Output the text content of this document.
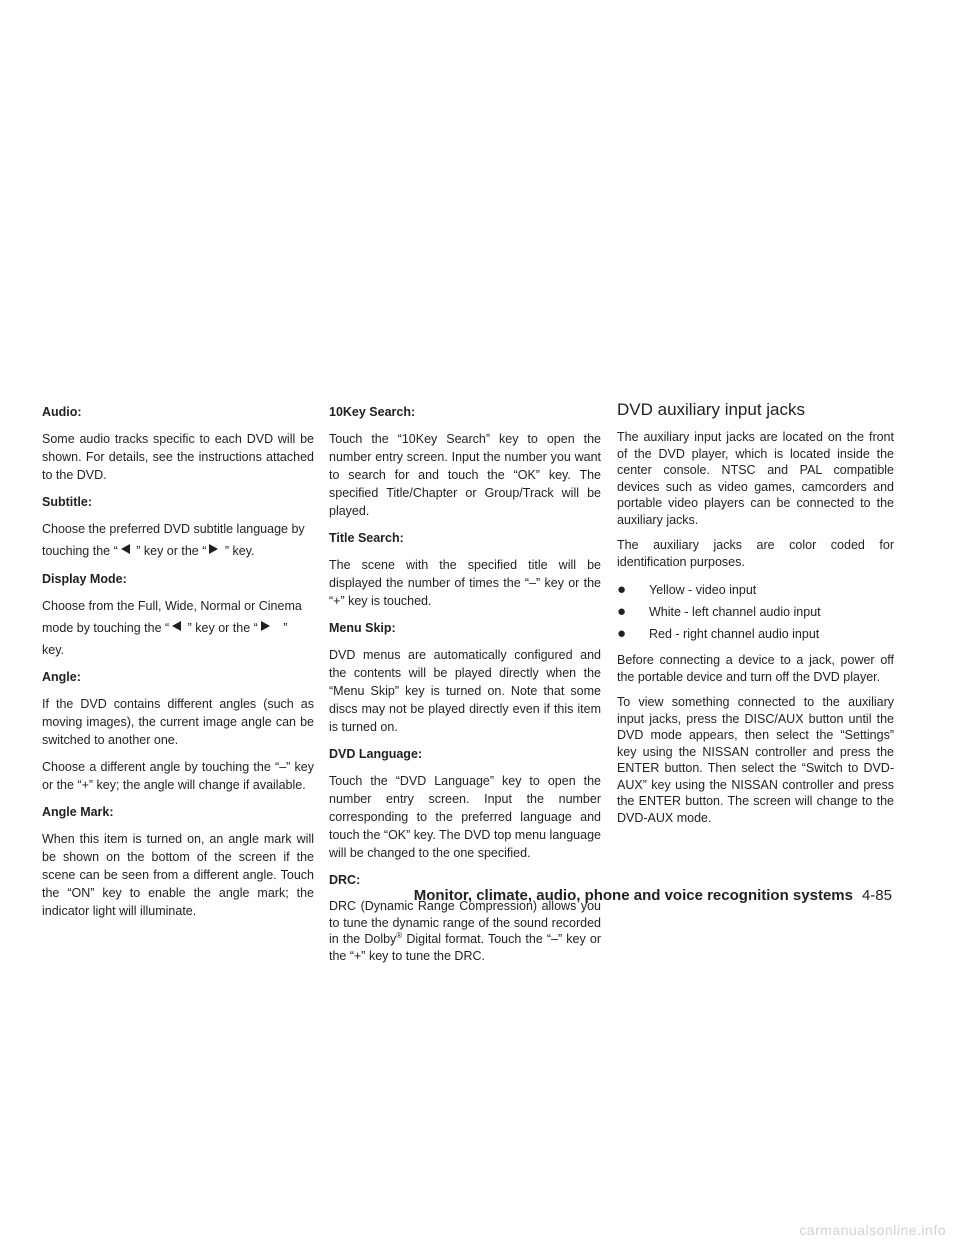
Audio:
Some audio tracks specific to each DVD will be shown. For details, see the instructions attached to the DVD.
Subtitle:
Choose the preferred DVD subtitle language by
touching the “ ” key or the “ ” key.
Display Mode:
Choose from the Full, Wide, Normal or Cinema
mode by touching the “ ” key or the “ ”
key.
Angle:
If the DVD contains different angles (such as moving images), the current image angle can be switched to another one.
Choose a different angle by touching the “–” key or the “+” key; the angle will change if available.
Angle Mark:
When this item is turned on, an angle mark will be shown on the bottom of the screen if the scene can be seen from a different angle. Touch the “ON” key to enable the angle mark; the indicator light will illuminate.
10Key Search:
Touch the “10Key Search” key to open the number entry screen. Input the number you want to search for and touch the “OK” key. The specified Title/Chapter or Group/Track will be played.
Title Search:
The scene with the specified title will be displayed the number of times the “–” key or the “+” key is touched.
Menu Skip:
DVD menus are automatically configured and the contents will be played directly when the “Menu Skip” key is turned on. Note that some discs may not be played directly even if this item is turned on.
DVD Language:
Touch the “DVD Language” key to open the number entry screen. Input the number corresponding to the preferred language and touch the “OK” key. The DVD top menu language will be changed to the one specified.
DRC:
DRC (Dynamic Range Compression) allows you to tune the dynamic range of the sound recorded in the Dolby® Digital format. Touch the “–” key or the “+” key to tune the DRC.
DVD auxiliary input jacks
The auxiliary input jacks are located on the front of the DVD player, which is located inside the center console. NTSC and PAL compatible devices such as video games, camcorders and portable video players can be connected to the auxiliary jacks.
The auxiliary jacks are color coded for identification purposes.
● Yellow - video input
● White - left channel audio input
● Red - right channel audio input
Before connecting a device to a jack, power off the portable device and turn off the DVD player.
To view something connected to the auxiliary input jacks, press the DISC/AUX button until the DVD mode appears, then select the “Settings” key using the NISSAN controller and press the ENTER button. Then select the “Switch to DVD-AUX” key using the NISSAN controller and press the ENTER button. The screen will change to the DVD-AUX mode.
Monitor, climate, audio, phone and voice recognition systems 4-85
carmanualsonline.info
